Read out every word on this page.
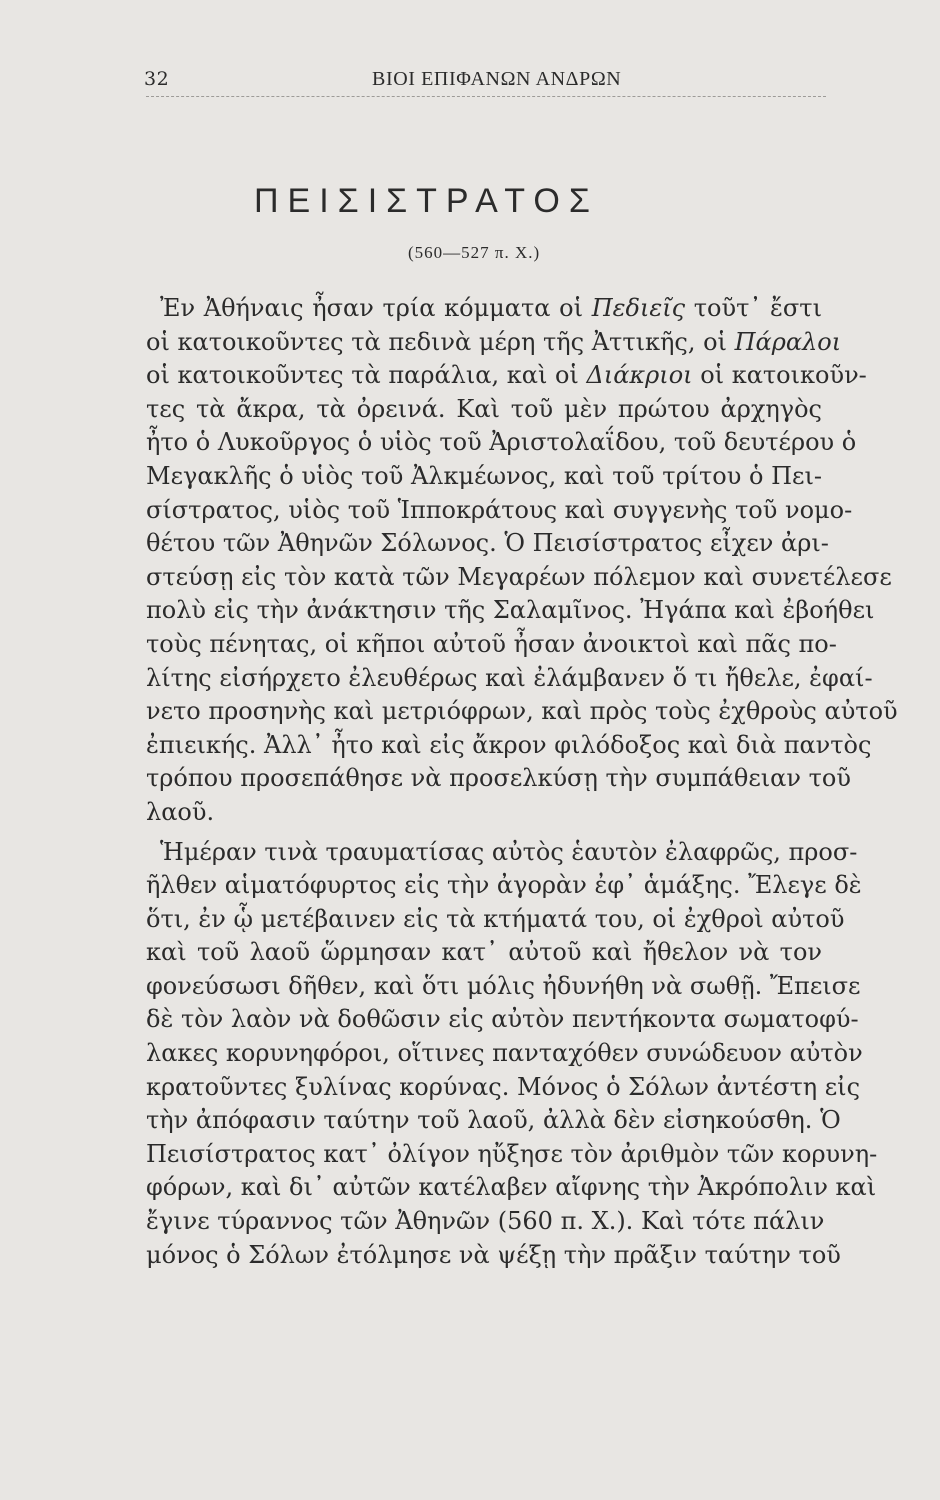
32	ΒΙΟΙ ΕΠΙΦΑΝΩΝ ΑΝΔΡΩΝ
ΠΕΙΣΙΣΤΡΑΤΟΣ
(560—527 π. Χ.)
Ἐν Ἀθήναις ἦσαν τρία κόμματα οἱ Πεδιεῖς τοῦτ᾽ ἔστι
οἱ κατοικοῦντες τὰ πεδινὰ μέρη τῆς Ἀττικῆς, οἱ Πάραλοι
οἱ κατοικοῦντες τὰ παράλια, καὶ οἱ Διάκριοι οἱ κατοικοῦν-
τες τὰ ἄκρα, τὰ ὀρεινά. Καὶ τοῦ μὲν πρώτου ἀρχηγὸς
ἦτο ὁ Λυκοῦργος ὁ υἱὸς τοῦ Ἀριστολαΐδου, τοῦ δευτέρου ὁ
Μεγακλῆς ὁ υἱὸς τοῦ Ἀλκμέωνος, καὶ τοῦ τρίτου ὁ Πει-
σίστρατος, υἱὸς τοῦ Ἱπποκράτους καὶ συγγενὴς τοῦ νομο-
θέτου τῶν Ἀθηνῶν Σόλωνος. Ὁ Πεισίστρατος εἶχεν ἀρι-
στεύσῃ εἰς τὸν κατὰ τῶν Μεγαρέων πόλεμον καὶ συνετέλεσε
πολὺ εἰς τὴν ἀνάκτησιν τῆς Σαλαμῖνος. Ἠγάπα καὶ ἐβοήθει
τοὺς πένητας, οἱ κῆποι αὐτοῦ ἦσαν ἀνοικτοὶ καὶ πᾶς πο-
λίτης εἰσήρχετο ἐλευθέρως καὶ ἐλάμβανεν ὅ τι ἤθελε, ἐφαί-
νετο προσηνὴς καὶ μετριόφρων, καὶ πρὸς τοὺς ἐχθροὺς αὐτοῦ
ἐπιεικής. Ἀλλ᾽ ἦτο καὶ εἰς ἄκρον φιλόδοξος καὶ διὰ παντὸς
τρόπου προσεπάθησε νὰ προσελκύσῃ τὴν συμπάθειαν τοῦ
λαοῦ.
Ἡμέραν τινὰ τραυματίσας αὐτὸς ἑαυτὸν ἐλαφρῶς, προσ-
ῆλθεν αἱματόφυρτος εἰς τὴν ἀγορὰν ἐφ᾽ ἁμάξης. Ἔλεγε δὲ
ὅτι, ἐν ᾧ μετέβαινεν εἰς τὰ κτήματά του, οἱ ἐχθροὶ αὐτοῦ
καὶ τοῦ λαοῦ ὥρμησαν κατ᾽ αὐτοῦ καὶ ἤθελον νὰ τον
φονεύσωσι δῆθεν, καὶ ὅτι μόλις ἠδυνήθη νὰ σωθῇ. Ἔπεισε
δὲ τὸν λαὸν νὰ δοθῶσιν εἰς αὐτὸν πεντήκοντα σωματοφύ-
λακες κορυνηφόροι, οἵτινες πανταχόθεν συνώδευον αὐτὸν
κρατοῦντες ξυλίνας κορύνας. Μόνος ὁ Σόλων ἀντέστη εἰς
τὴν ἀπόφασιν ταύτην τοῦ λαοῦ, ἀλλὰ δὲν εἰσηκούσθη. Ὁ
Πεισίστρατος κατ᾽ ὀλίγον ηὔξησε τὸν ἀριθμὸν τῶν κορυνη-
φόρων, καὶ δι᾽ αὐτῶν κατέλαβεν αἴφνης τὴν Ἀκρόπολιν καὶ
ἔγινε τύραννος τῶν Ἀθηνῶν (560 π. Χ.). Καὶ τότε πάλιν
μόνος ὁ Σόλων ἐτόλμησε νὰ ψέξῃ τὴν πρᾶξιν ταύτην τοῦ
